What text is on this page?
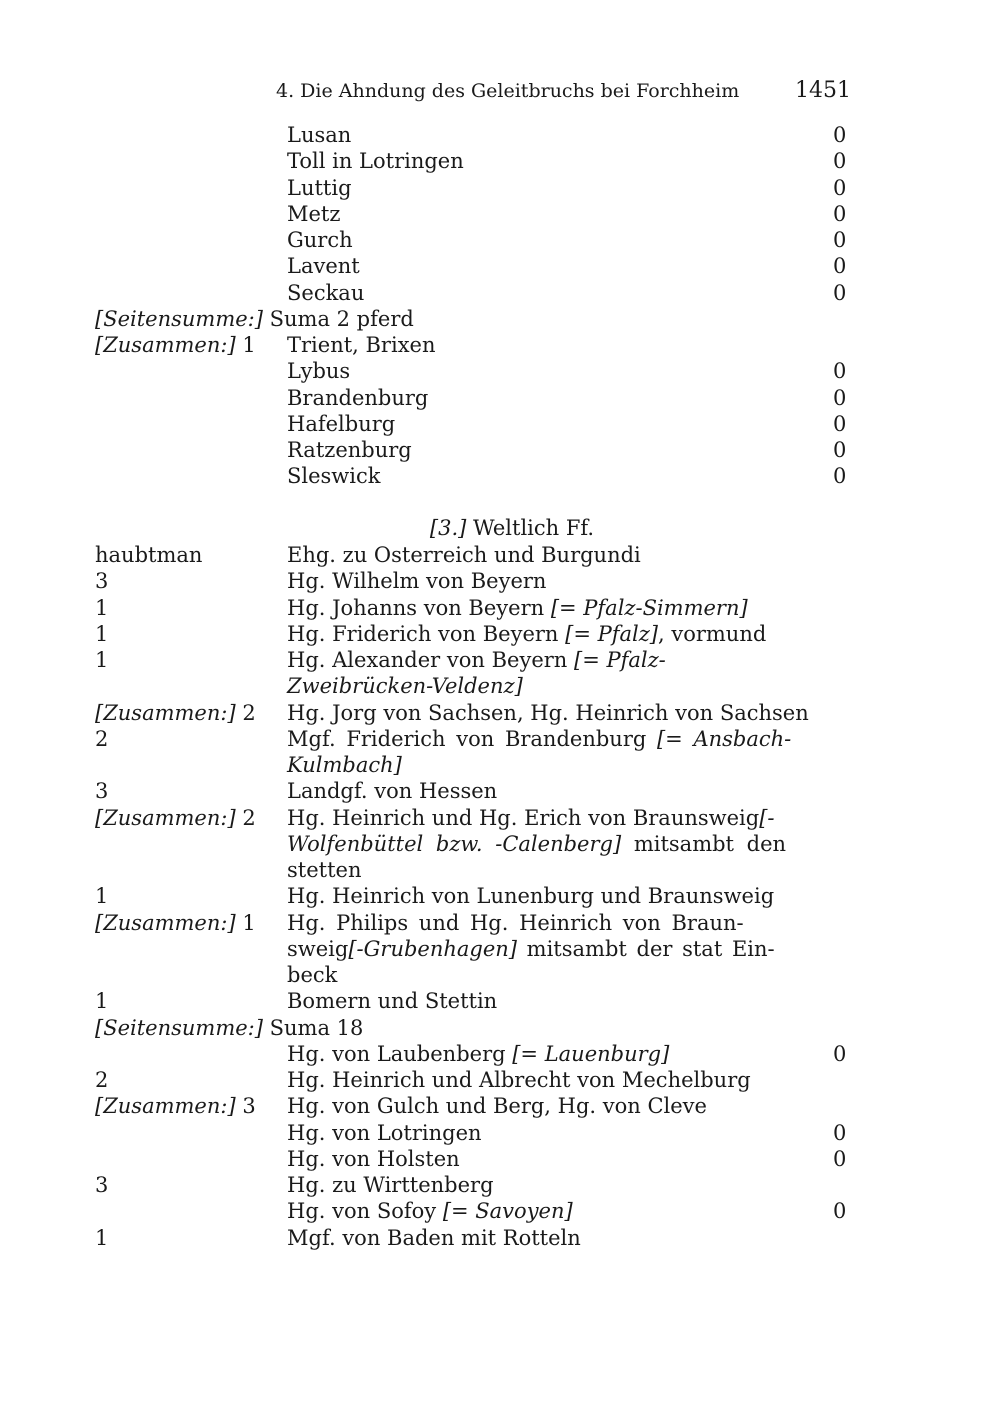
4. Die Ahndung des Geleitbruchs bei Forchheim	1451
Lusan	0
Toll in Lotringen	0
Luttig	0
Metz	0
Gurch	0
Lavent	0
Seckau	0
[Seitensumme:] Suma 2 pferd
[Zusammen:] 1 Trient, Brixen
Lybus	0
Brandenburg	0
Hafelburg	0
Ratzenburg	0
Sleswick	0
[3.] Weltlich Ff.
haubtman	Ehg. zu Osterreich und Burgundi
3	Hg. Wilhelm von Beyern
1	Hg. Johanns von Beyern [= Pfalz-Simmern]
1	Hg. Friderich von Beyern [= Pfalz], vormund
1	Hg. Alexander von Beyern [= Pfalz-
Zweibrücken-Veldenz]
[Zusammen:] 2 Hg. Jorg von Sachsen, Hg. Heinrich von Sachsen
2	Mgf. Friderich von Brandenburg [= Ansbach-
Kulmbach]
3	Landgf. von Hessen
[Zusammen:] 2 Hg. Heinrich und Hg. Erich von Braunsweig[-
Wolfenbüttel bzw. -Calenberg] mitsambt den
stetten
1	Hg. Heinrich von Lunenburg und Braunsweig
[Zusammen:] 1 Hg. Philips und Hg. Heinrich von Braun-
sweig[-Grubenhagen] mitsambt der stat Ein-
beck
1	Bomern und Stettin
[Seitensumme:] Suma 18
Hg. von Laubenberg [= Lauenburg]	0
2	Hg. Heinrich und Albrecht von Mechelburg
[Zusammen:] 3 Hg. von Gulch und Berg, Hg. von Cleve
Hg. von Lotringen	0
Hg. von Holsten	0
3	Hg. zu Wirttenberg
Hg. von Sofoy [= Savoyen]	0
1	Mgf. von Baden mit Rotteln
